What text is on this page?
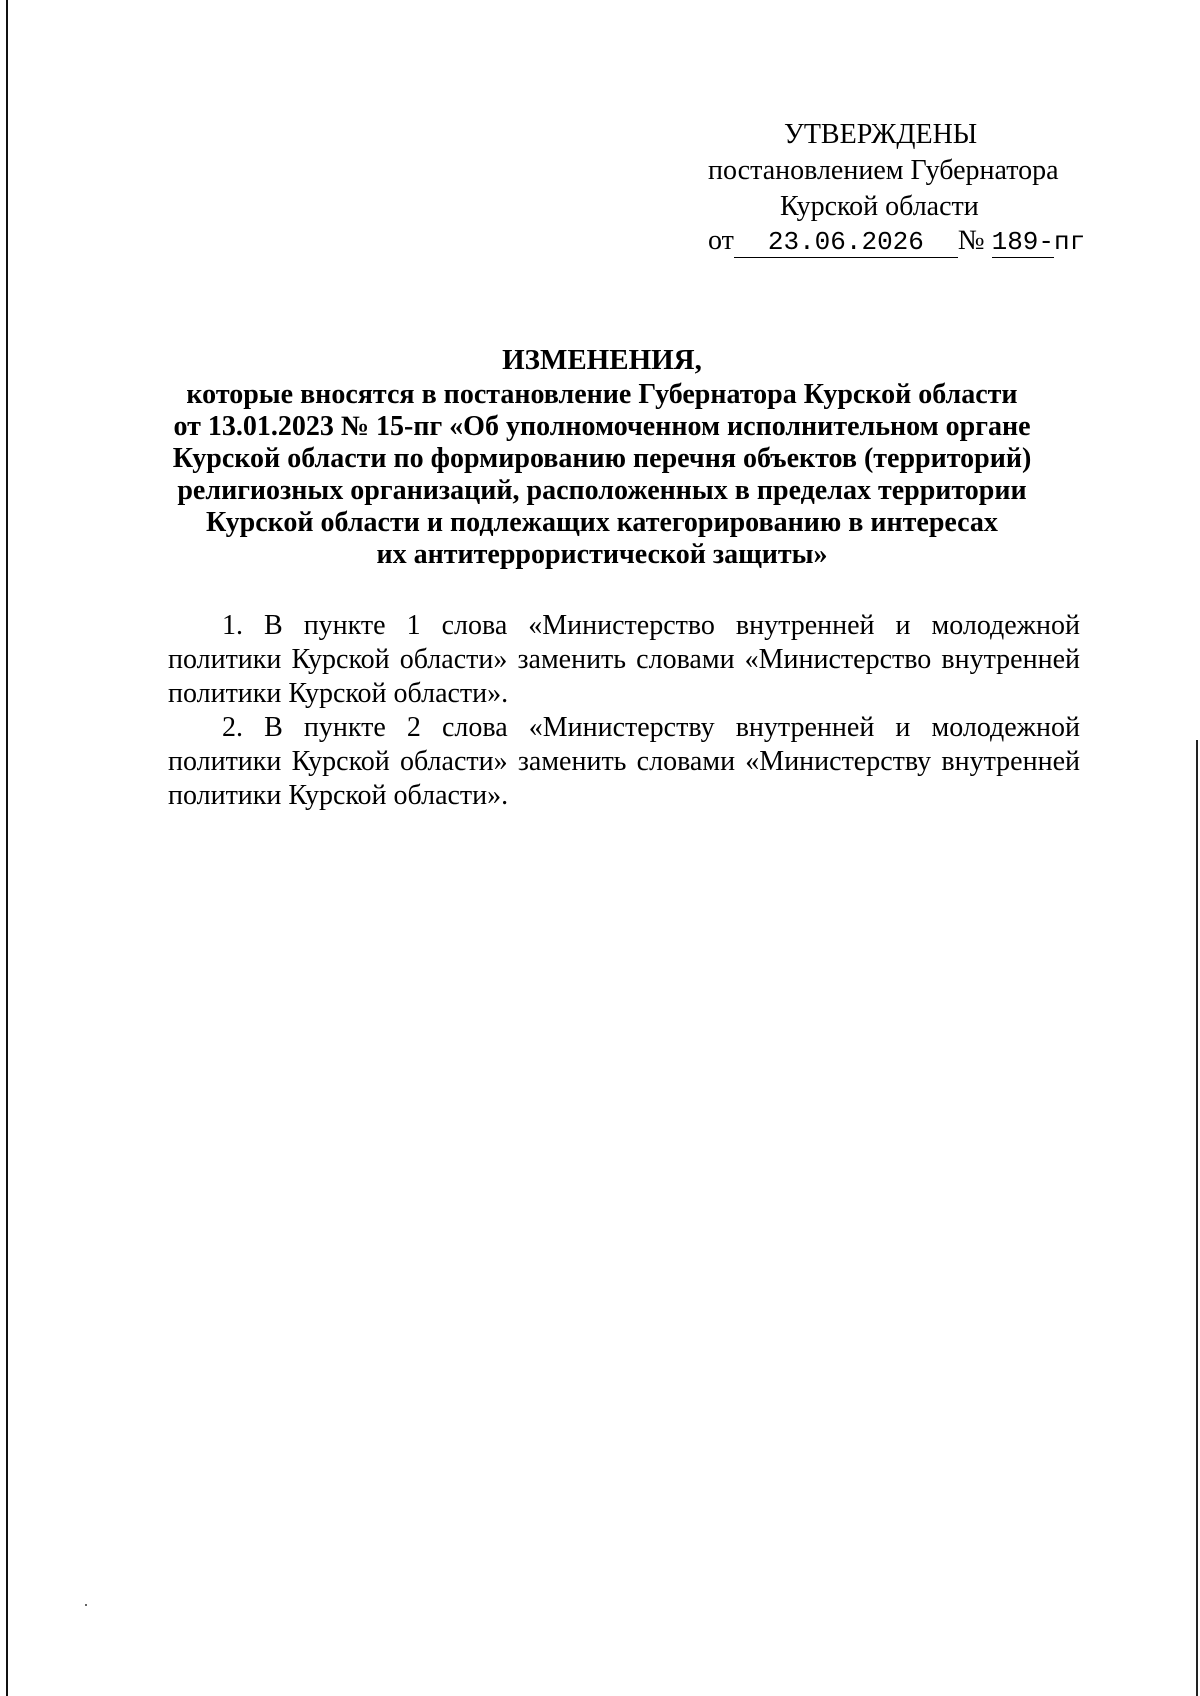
УТВЕРЖДЕНЫ
постановлением Губернатора
Курской области
от 23.06.2026 № 189-пг
ИЗМЕНЕНИЯ,
которые вносятся в постановление Губернатора Курской области
от 13.01.2023 № 15-пг «Об уполномоченном исполнительном органе
Курской области по формированию перечня объектов (территорий)
религиозных организаций, расположенных в пределах территории
Курской области и подлежащих категорированию в интересах
их антитеррористической защиты»

1. В пункте 1 слова «Министерство внутренней и молодежной политики Курской области» заменить словами «Министерство внутренней политики Курской области».

2. В пункте 2 слова «Министерству внутренней и молодежной политики Курской области» заменить словами «Министерству внутренней политики Курской области».
